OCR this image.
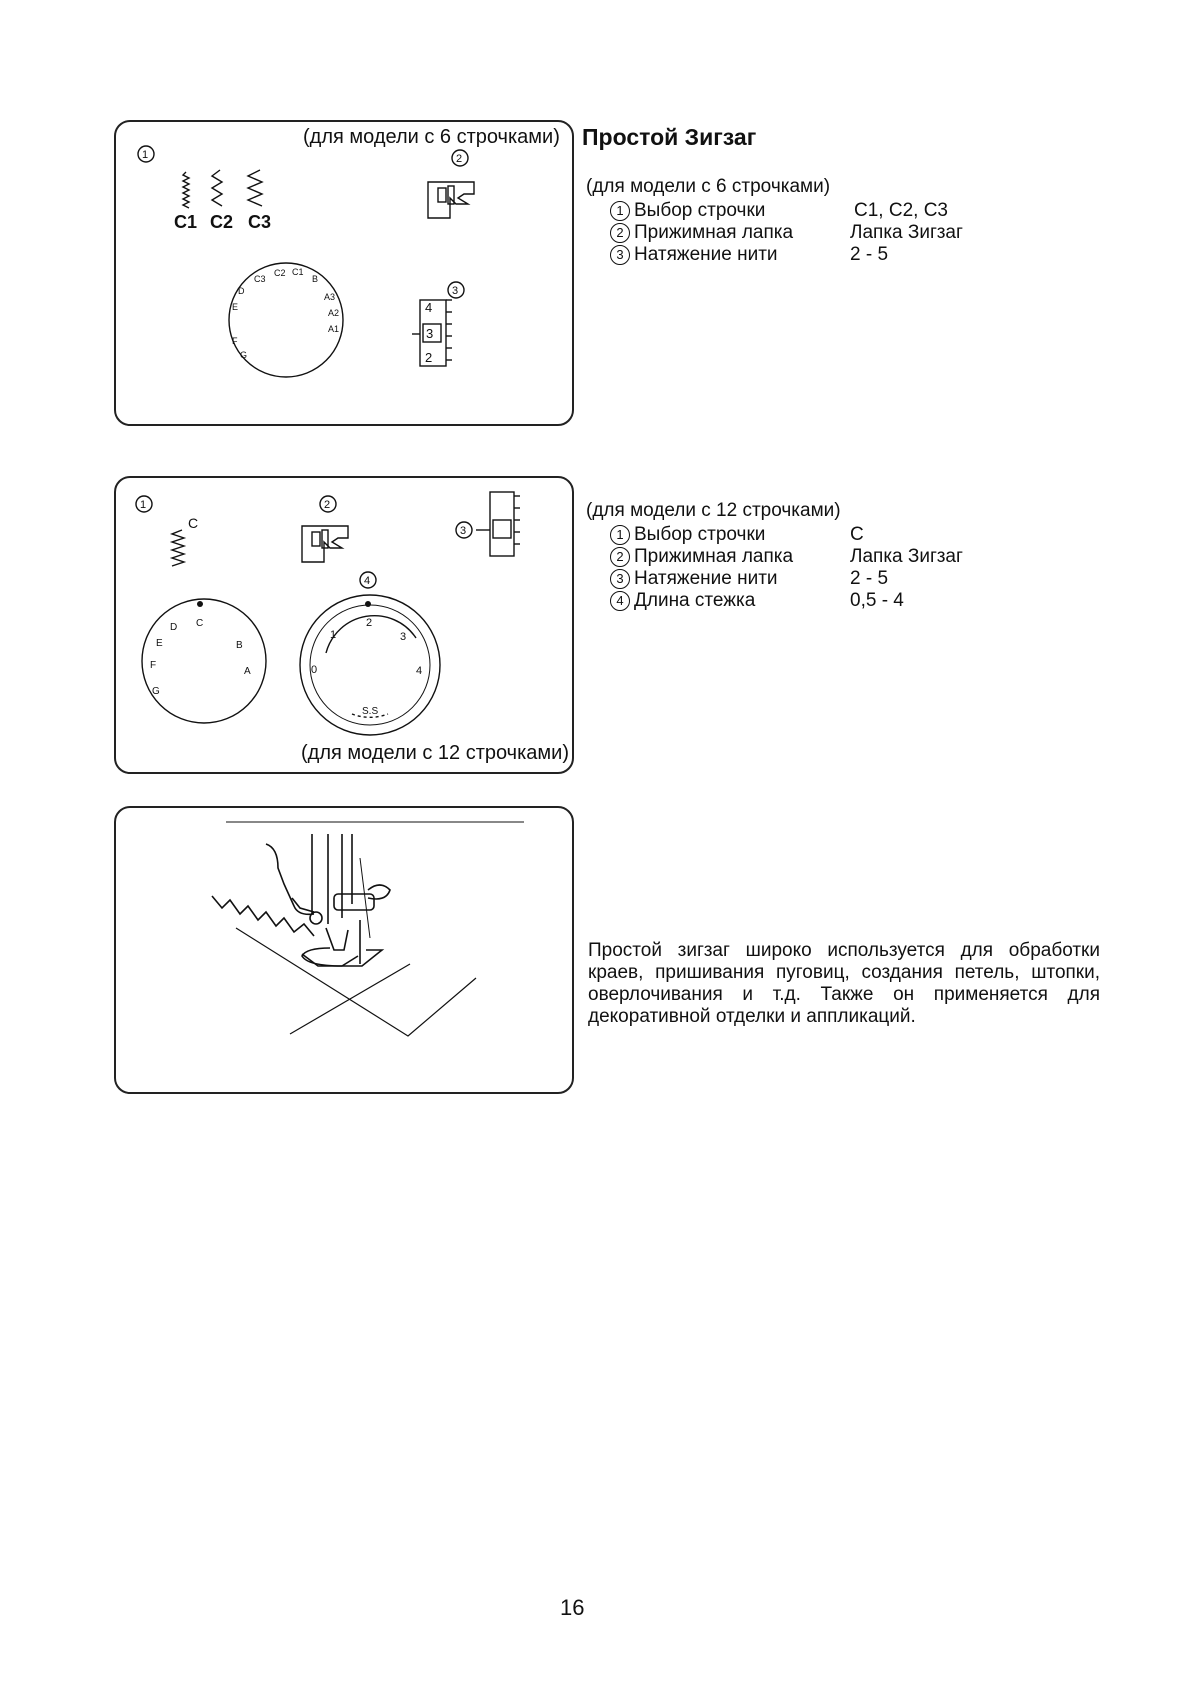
(для модели с 6 строчками)
1	2
3
C1 C2 C3
C3
C2 C1
B
A3
A2
A1
D
E
F
G
4
3
2
(для модели с 12 строчками)
1	2
3
4
C
C
B
A
D
E
F
G
0
1
2
3
4
S.S
Простой Зигзаг
(для модели с 6 строчками)
1 Выбор строчки	C1, C2, C3
2 Прижимная лапка	Лапка Зигзаг
3 Натяжение нити	2 - 5
(для модели с 12 строчками)
1 Выбор строчки	C
2 Прижимная лапка	Лапка Зигзаг
3 Натяжение нити	2 - 5
4 Длина стежка	0,5 - 4
Простой зигзаг широко используется для обработки краев, пришивания пуговиц, создания петель, штопки, оверлочивания и т.д. Также он применяется для декоративной отделки и аппликаций.
16
